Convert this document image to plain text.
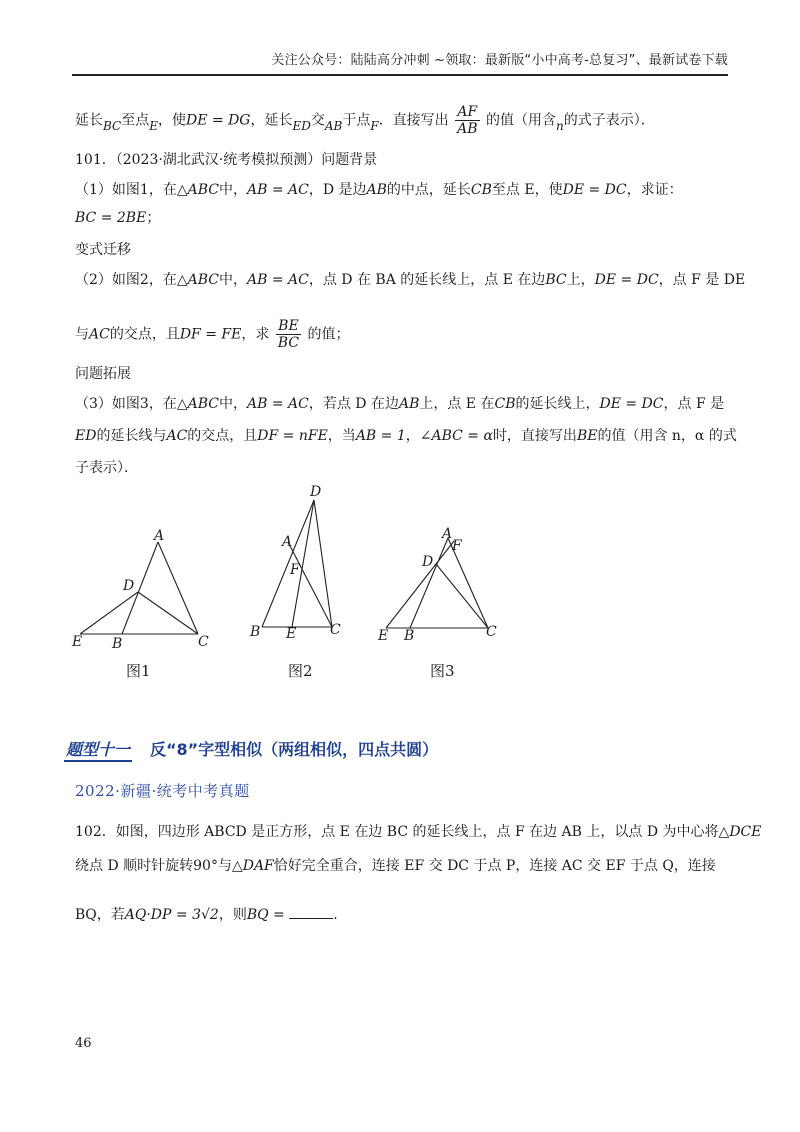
关注公众号：陆陆高分冲刺 ~领取：最新版“小中高考-总复习”、最新试卷下载
延长BC至点E，使DE = DG，延长ED交AB于点F．直接写出 $\frac{AF}{AB}$ 的值（用含n的式子表示）．
101．（2023·湖北武汉·统考模拟预测）问题背景
（1）如图1，在△ABC中，AB = AC，D 是边AB的中点，延长CB至点 E，使DE = DC，求证：
BC = 2BE；
变式迁移
（2）如图2，在△ABC中，AB = AC，点 D 在 BA 的延长线上，点 E 在边BC上，DE = DC，点 F 是 DE
与AC的交点，且DF = FE，求 $\frac{BE}{BC}$ 的值；
问题拓展
（3）如图3，在△ABC中，AB = AC，若点 D 在边AB上，点 E 在CB的延长线上，DE = DC，点 F 是
ED的延长线与AC的交点，且DF = nFE，当AB = 1，∠ABC = α时，直接写出BE的值（用含 n，α 的式
子表示）．
A
D
E B	C
D
A
F
B E C
A
F
D
E B	C
图1	图2	图3
题型十一 反“8”字型相似（两组相似，四点共圆）
2022·新疆·统考中考真题
102．如图，四边形 ABCD 是正方形，点 E 在边 BC 的延长线上，点 F 在边 AB 上，以点 D 为中心将△DCE
绕点 D 顺时针旋转90°与△DAF恰好完全重合，连接 EF 交 DC 于点 P，连接 AC 交 EF 于点 Q，连接
BQ，若AQ·DP = 3√2，则BQ =	.
46
